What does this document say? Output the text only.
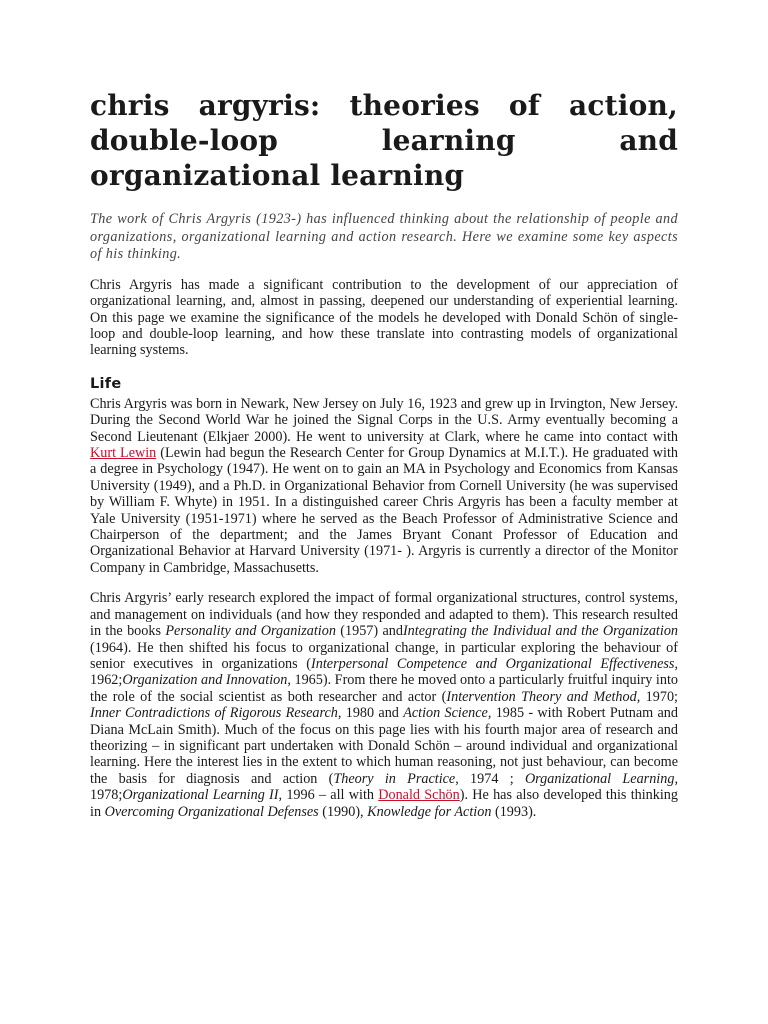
chris argyris: theories of action, double-loop learning and organizational learning

The work of Chris Argyris (1923-) has influenced thinking about the relationship of people and organizations, organizational learning and action research. Here we examine some key aspects of his thinking.

Chris Argyris has made a significant contribution to the development of our appreciation of organizational learning, and, almost in passing, deepened our understanding of experiential learning. On this page we examine the significance of the models he developed with Donald Schön of single-loop and double-loop learning, and how these translate into contrasting models of organizational learning systems.

Life

Chris Argyris was born in Newark, New Jersey on July 16, 1923 and grew up in Irvington, New Jersey. During the Second World War he joined the Signal Corps in the U.S. Army eventually becoming a Second Lieutenant (Elkjaer 2000). He went to university at Clark, where he came into contact with Kurt Lewin (Lewin had begun the Research Center for Group Dynamics at M.I.T.). He graduated with a degree in Psychology (1947). He went on to gain an MA in Psychology and Economics from Kansas University (1949), and a Ph.D. in Organizational Behavior from Cornell University (he was supervised by William F. Whyte) in 1951. In a distinguished career Chris Argyris has been a faculty member at Yale University (1951-1971) where he served as the Beach Professor of Administrative Science and Chairperson of the department; and the James Bryant Conant Professor of Education and Organizational Behavior at Harvard University (1971- ). Argyris is currently a director of the Monitor Company in Cambridge, Massachusetts.

Chris Argyris’ early research explored the impact of formal organizational structures, control systems, and management on individuals (and how they responded and adapted to them). This research resulted in the books Personality and Organization (1957) andIntegrating the Individual and the Organization (1964). He then shifted his focus to organizational change, in particular exploring the behaviour of senior executives in organizations (Interpersonal Competence and Organizational Effectiveness, 1962;Organization and Innovation, 1965). From there he moved onto a particularly fruitful inquiry into the role of the social scientist as both researcher and actor (Intervention Theory and Method, 1970; Inner Contradictions of Rigorous Research, 1980 and Action Science, 1985 - with Robert Putnam and Diana McLain Smith). Much of the focus on this page lies with his fourth major area of research and theorizing – in significant part undertaken with Donald Schön – around individual and organizational learning. Here the interest lies in the extent to which human reasoning, not just behaviour, can become the basis for diagnosis and action (Theory in Practice, 1974 ; Organizational Learning, 1978;Organizational Learning II, 1996 – all with Donald Schön). He has also developed this thinking in Overcoming Organizational Defenses (1990), Knowledge for Action (1993).
